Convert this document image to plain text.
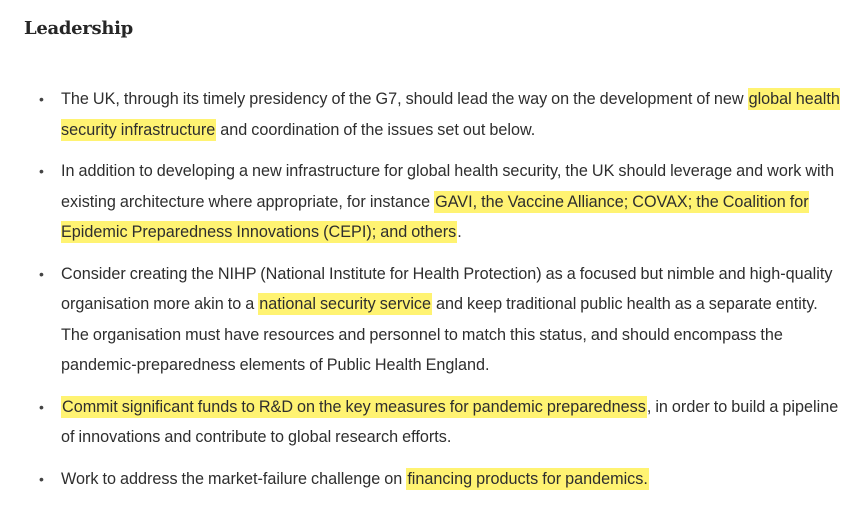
Leadership
• The UK, through its timely presidency of the G7, should lead the way on the development of new global health security infrastructure and coordination of the issues set out below.
• In addition to developing a new infrastructure for global health security, the UK should leverage and work with existing architecture where appropriate, for instance GAVI, the Vaccine Alliance; COVAX; the Coalition for Epidemic Preparedness Innovations (CEPI); and others.
• Consider creating the NIHP (National Institute for Health Protection) as a focused but nimble and high-quality organisation more akin to a national security service and keep traditional public health as a separate entity. The organisation must have resources and personnel to match this status, and should encompass the pandemic-preparedness elements of Public Health England.
• Commit significant funds to R&D on the key measures for pandemic preparedness, in order to build a pipeline of innovations and contribute to global research efforts.
• Work to address the market-failure challenge on financing products for pandemics.
